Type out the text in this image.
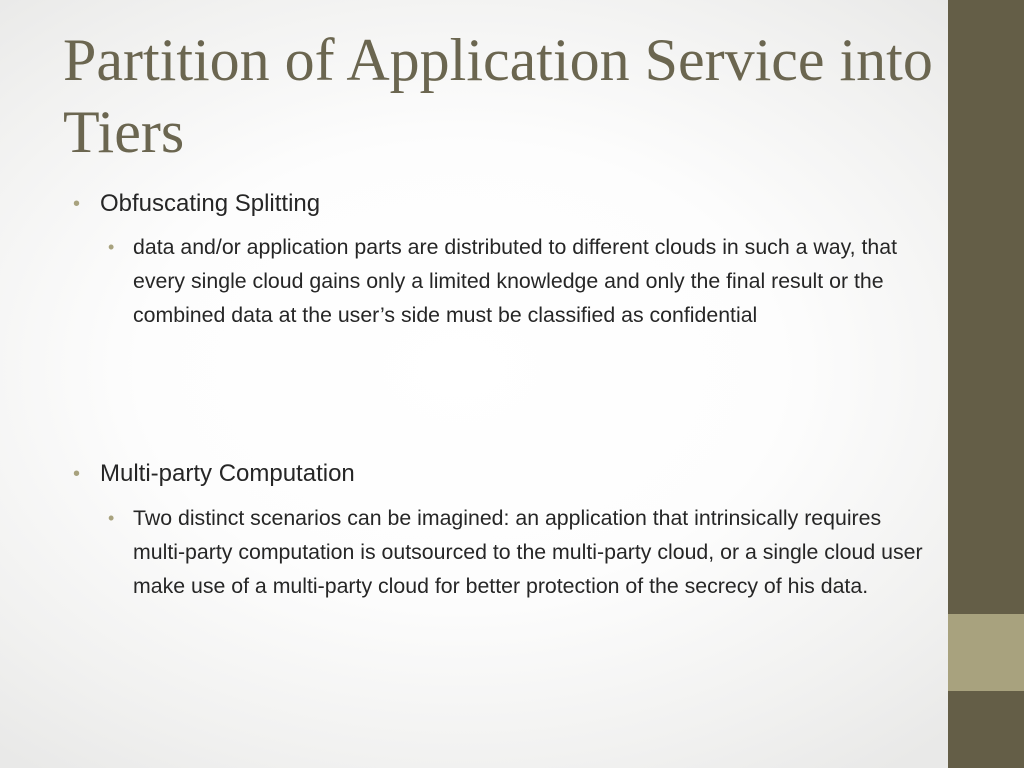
Partition of Application Service into Tiers
• Obfuscating Splitting
• data and/or application parts are distributed to different clouds in such a way, that every single cloud gains only a limited knowledge and only the final result or the combined data at the user’s side must be classified as confidential
• Multi-party Computation
• Two distinct scenarios can be imagined: an application that intrinsically requires multi-party computation is outsourced to the multi-party cloud, or a single cloud user make use of a multi-party cloud for better protection of the secrecy of his data.
